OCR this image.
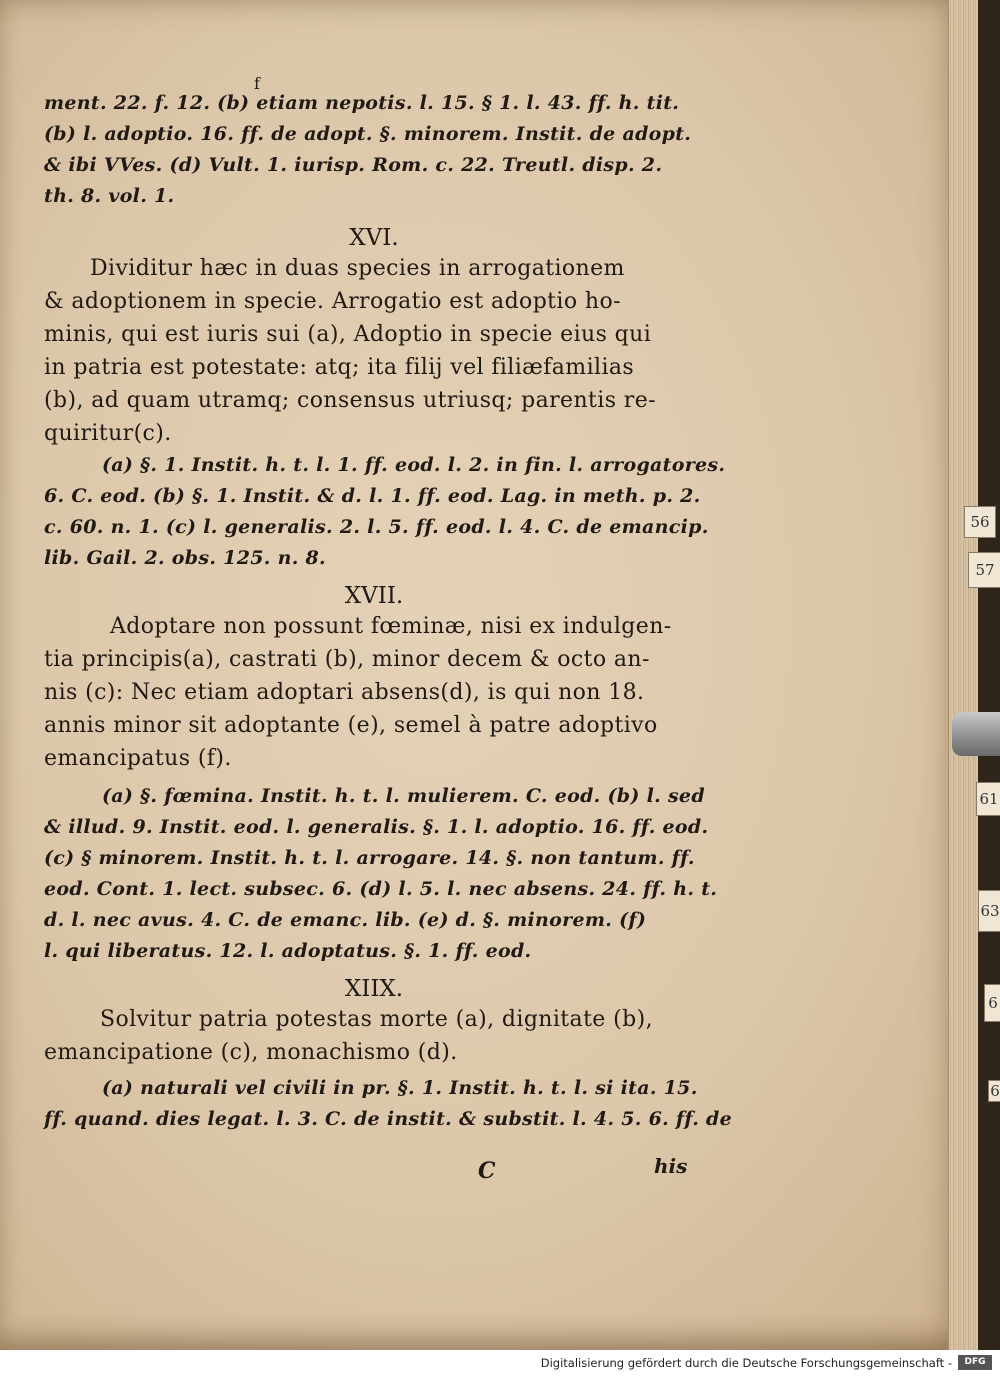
56
57
61
63
6
6
f
ment. 22. f. 12. (b) etiam nepotis. l. 15. § 1. l. 43. ff. h. tit.
(b) l. adoptio. 16. ff. de adopt. §. minorem. Instit. de adopt.
& ibi VVes. (d) Vult. 1. iurisp. Rom. c. 22. Treutl. disp. 2.
th. 8. vol. 1.
XVI.
Dividitur hæc in duas species in arrogationem
& adoptionem in specie. Arrogatio est adoptio ho-
minis, qui est iuris sui (a), Adoptio in specie eius qui
in patria est potestate: atq; ita filij vel filiæfamilias
(b), ad quam utramq; consensus utriusq; parentis re-
quiritur(c).
(a) §. 1. Instit. h. t. l. 1. ff. eod. l. 2. in fin. l. arrogatores.
6. C. eod. (b) §. 1. Instit. & d. l. 1. ff. eod. Lag. in meth. p. 2.
c. 60. n. 1. (c) l. generalis. 2. l. 5. ff. eod. l. 4. C. de emancip.
lib. Gail. 2. obs. 125. n. 8.
XVII.
Adoptare non possunt fœminæ, nisi ex indulgen-
tia principis(a), castrati (b), minor decem & octo an-
nis (c): Nec etiam adoptari absens(d), is qui non 18.
annis minor sit adoptante (e), semel à patre adoptivo
emancipatus (f).
(a) §. fœmina. Instit. h. t. l. mulierem. C. eod. (b) l. sed
& illud. 9. Instit. eod. l. generalis. §. 1. l. adoptio. 16. ff. eod.
(c) § minorem. Instit. h. t. l. arrogare. 14. §. non tantum. ff.
eod. Cont. 1. lect. subsec. 6. (d) l. 5. l. nec absens. 24. ff. h. t.
d. l. nec avus. 4. C. de emanc. lib. (e) d. §. minorem. (f)
l. qui liberatus. 12. l. adoptatus. §. 1. ff. eod.
XIIX.
Solvitur patria potestas morte (a), dignitate (b),
emancipatione (c), monachismo (d).
(a) naturali vel civili in pr. §. 1. Instit. h. t. l. si ita. 15.
ff. quand. dies legat. l. 3. C. de instit. & substit. l. 4. 5. 6. ff. de
C	his
Digitalisierung gefördert durch die Deutsche Forschungsgemeinschaft -	DFG
